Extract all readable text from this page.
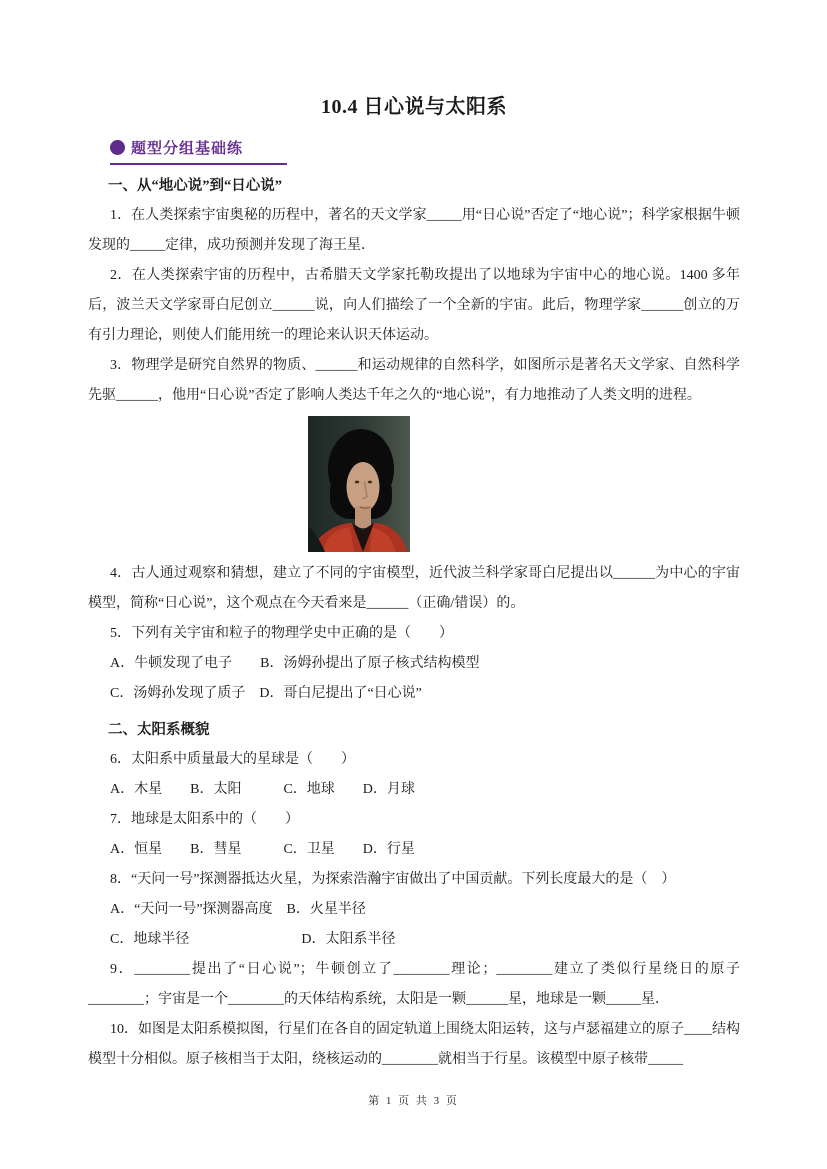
10.4 日心说与太阳系
题型分组基础练
一、从“地心说”到“日心说”

1．在人类探索宇宙奥秘的历程中，著名的天文学家_____用“日心说”否定了“地心说”；科学家根据牛顿发现的_____定律，成功预测并发现了海王星．

2．在人类探索宇宙的历程中，古希腊天文学家托勒玫提出了以地球为宇宙中心的地心说。1400 多年后，波兰天文学家哥白尼创立______说，向人们描绘了一个全新的宇宙。此后，物理学家______创立的万有引力理论，则使人们能用统一的理论来认识天体运动。

3．物理学是研究自然界的物质、______和运动规律的自然科学，如图所示是著名天文学家、自然科学先驱______，他用“日心说”否定了影响人类达千年之久的“地心说”，有力地推动了人类文明的进程。

4．古人通过观察和猜想，建立了不同的宇宙模型，近代波兰科学家哥白尼提出以______为中心的宇宙模型，简称“日心说”，这个观点在今天看来是______（正确/错误）的。

5．下列有关宇宙和粒子的物理学史中正确的是（　　）

A．牛顿发现了电子　　B．汤姆孙提出了原子核式结构模型

C．汤姆孙发现了质子　D．哥白尼提出了“日心说”

二、太阳系概貌

6．太阳系中质量最大的星球是（　　）

A．木星　　B．太阳　　　C．地球　　D．月球

7．地球是太阳系中的（　　）

A．恒星　　B．彗星　　　C．卫星　　D．行星

8．“天问一号”探测器抵达火星，为探索浩瀚宇宙做出了中国贡献。下列长度最大的是（　）

A．“天问一号”探测器高度　B．火星半径

C．地球半径　　　　　　　　D．太阳系半径

9．________提出了“日心说”；牛顿创立了________理论；________建立了类似行星绕日的原子________；宇宙是一个________的天体结构系统，太阳是一颗______星，地球是一颗_____星．

10．如图是太阳系模拟图，行星们在各自的固定轨道上围绕太阳运转，这与卢瑟福建立的原子____结构模型十分相似。原子核相当于太阳，绕核运动的________就相当于行星。该模型中原子核带_____

第 1 页 共 3 页
